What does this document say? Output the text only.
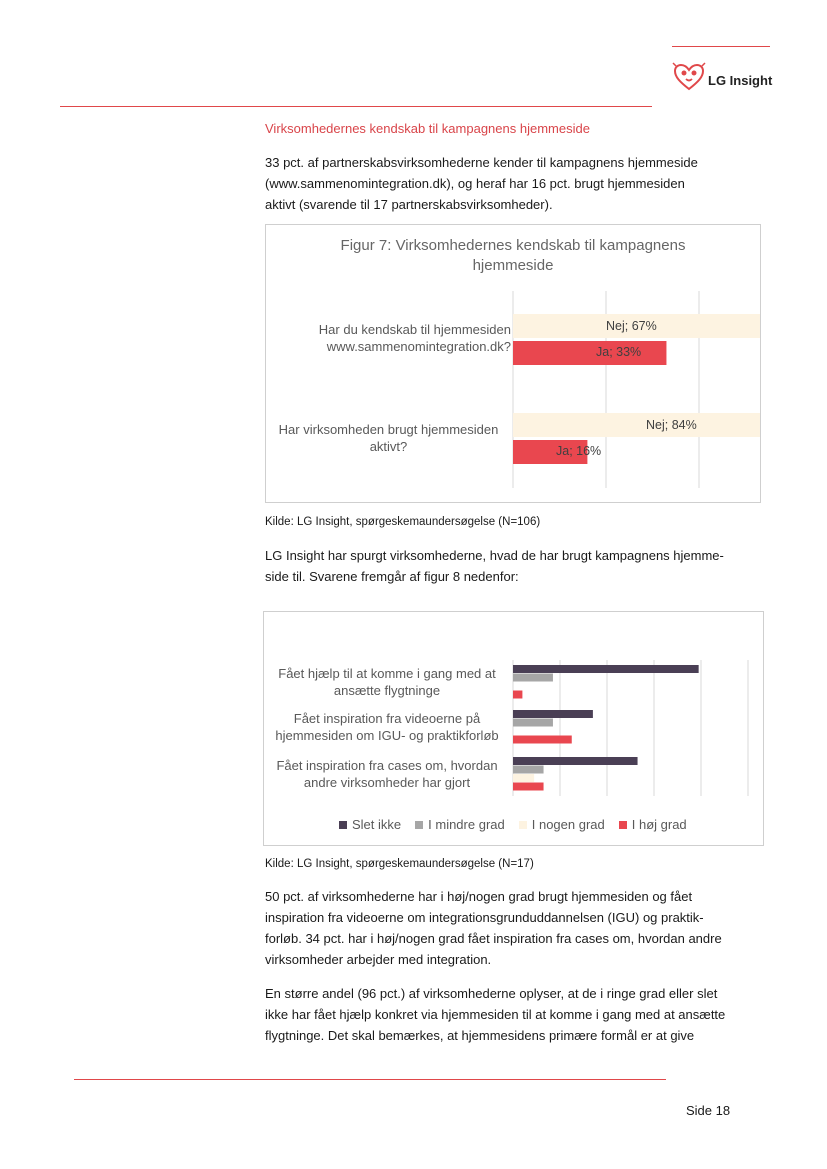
LG Insight
Virksomhedernes kendskab til kampagnens hjemmeside
33 pct. af partnerskabsvirksomhederne kender til kampagnens hjemmeside
(www.sammenomintegration.dk), og heraf har 16 pct. brugt hjemmesiden
aktivt (svarende til 17 partnerskabsvirksomheder).
Figur 7: Virksomhedernes kendskab til kampagnens
hjemmeside
Har du kendskab til hjemmesiden
www.sammenomintegration.dk?
Har virksomheden brugt hjemmesiden
aktivt?
Nej; 67%
Ja; 33%
Nej; 84%
Ja; 16%
Kilde: LG Insight, spørgeskemaundersøgelse (N=106)
LG Insight har spurgt virksomhederne, hvad de har brugt kampagnens hjemme-
side til. Svarene fremgår af figur 8 nedenfor:
Fået hjælp til at komme i gang med at
ansætte flygtninge
Fået inspiration fra videoerne på
hjemmesiden om IGU- og praktikforløb
Fået inspiration fra cases om, hvordan
andre virksomheder har gjort
Slet ikke I mindre grad I nogen grad I høj grad
Kilde: LG Insight, spørgeskemaundersøgelse (N=17)
50 pct. af virksomhederne har i høj/nogen grad brugt hjemmesiden og fået
inspiration fra videoerne om integrationsgrunduddannelsen (IGU) og praktik-
forløb. 34 pct. har i høj/nogen grad fået inspiration fra cases om, hvordan andre
virksomheder arbejder med integration.
En større andel (96 pct.) af virksomhederne oplyser, at de i ringe grad eller slet
ikke har fået hjælp konkret via hjemmesiden til at komme i gang med at ansætte
flygtninge. Det skal bemærkes, at hjemmesidens primære formål er at give
Side 18
